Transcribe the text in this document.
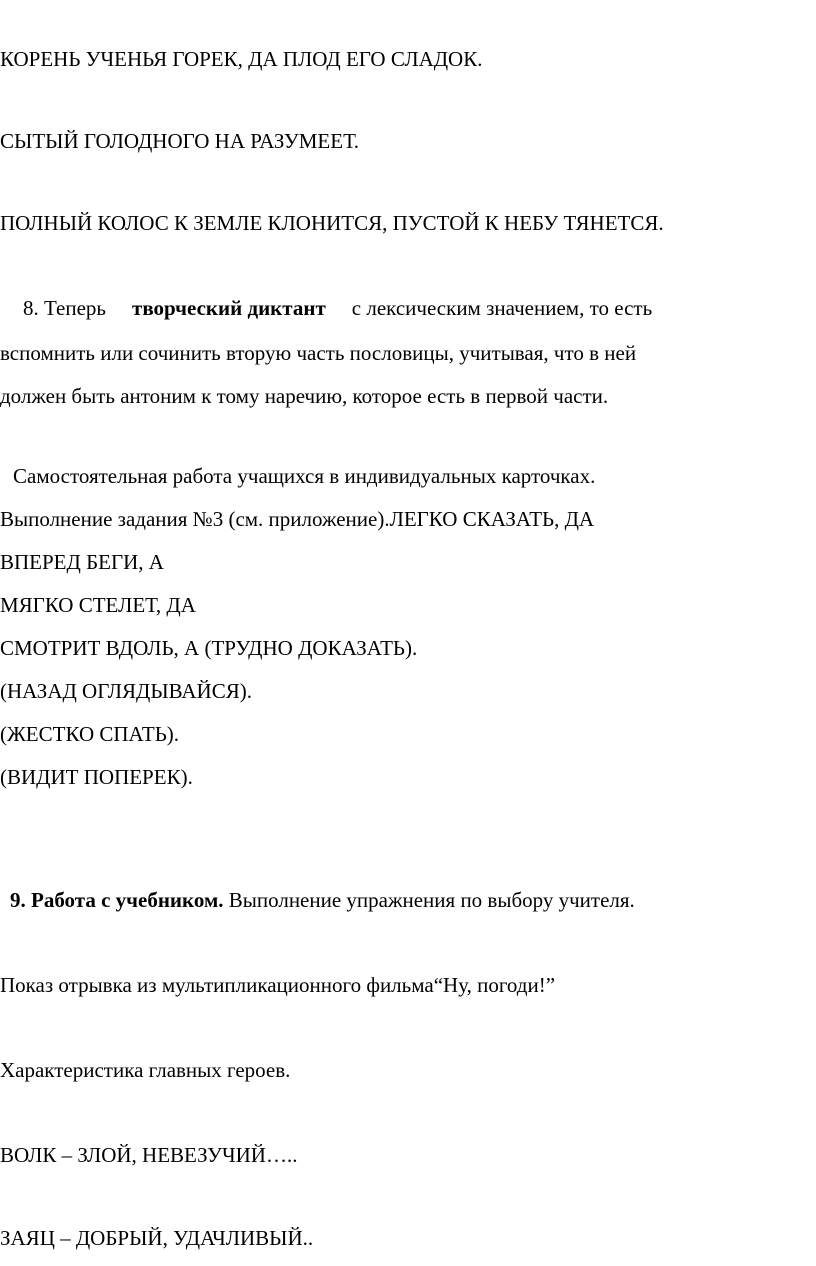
КОРЕНЬ УЧЕНЬЯ ГОРЕК, ДА ПЛОД ЕГО СЛАДОК.
СЫТЫЙ ГОЛОДНОГО НА РАЗУМЕЕТ.
ПОЛНЫЙ КОЛОС К ЗЕМЛЕ КЛОНИТСЯ, ПУСТОЙ К НЕБУ ТЯНЕТСЯ.
8. Теперь творческий диктант с лексическим значением, то есть
вспомнить или сочинить вторую часть пословицы, учитывая, что в ней
должен быть антоним к тому наречию, которое есть в первой части.
Самостоятельная работа учащихся в индивидуальных карточках.
Выполнение задания №3 (см. приложение).ЛЕГКО СКАЗАТЬ, ДА
ВПЕРЕД БЕГИ, А
МЯГКО СТЕЛЕТ, ДА
СМОТРИТ ВДОЛЬ, А (ТРУДНО ДОКАЗАТЬ).
(НАЗАД ОГЛЯДЫВАЙСЯ).
(ЖЕСТКО СПАТЬ).
(ВИДИТ ПОПЕРЕК).
9. Работа с учебником. Выполнение упражнения по выбору учителя.
Показ отрывка из мультипликационного фильма“Ну, погоди!”
Характеристика главных героев.
ВОЛК – ЗЛОЙ, НЕВЕЗУЧИЙ…..
ЗАЯЦ – ДОБРЫЙ, УДАЧЛИВЫЙ..
